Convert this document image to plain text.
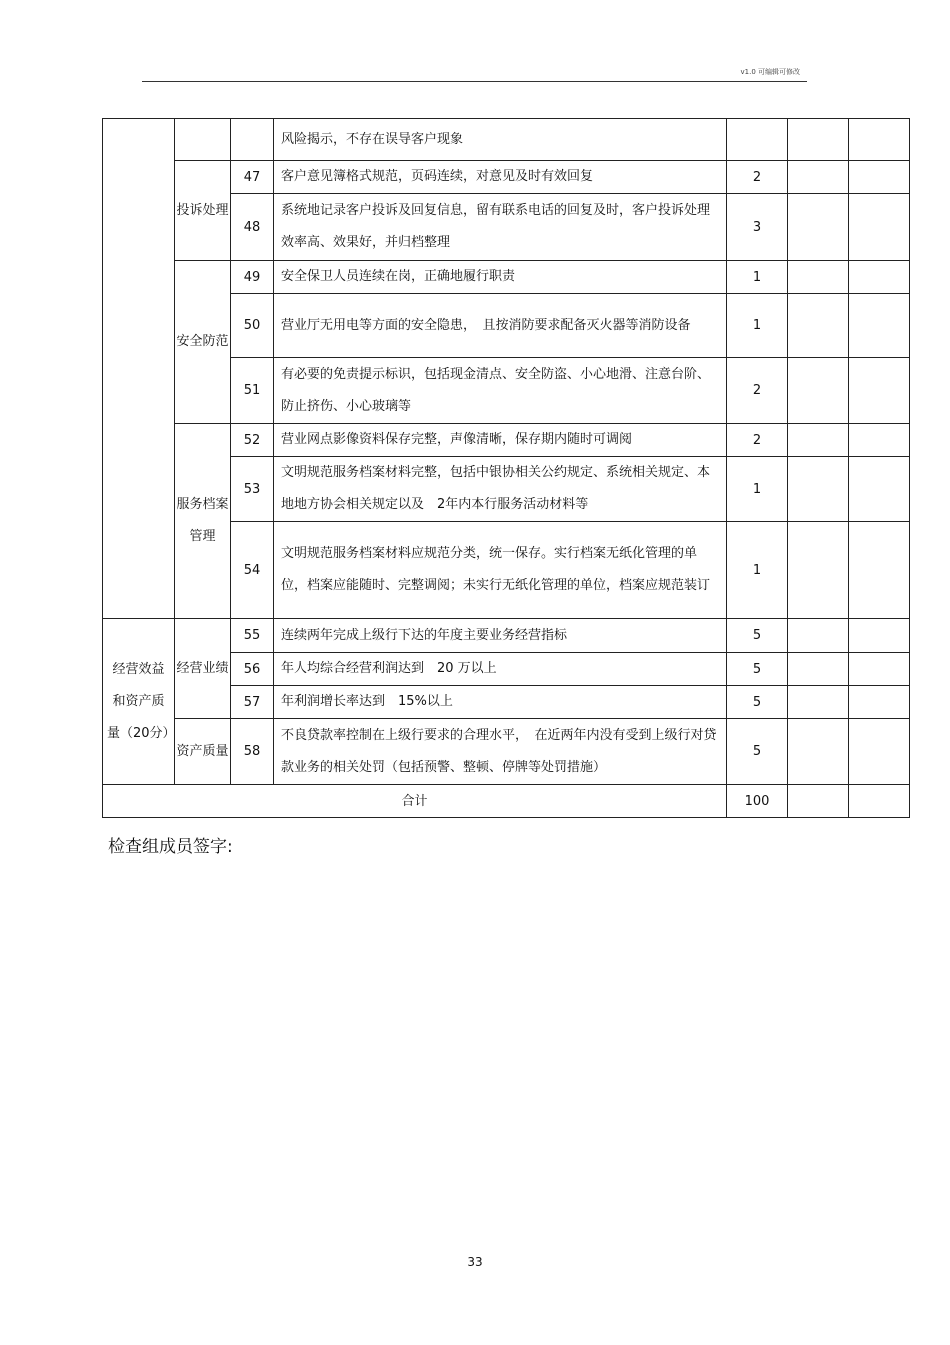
v1.0 可编辑可修改
			风险揭示，不存在误导客户现象			
	投诉处理	47	客户意见簿格式规范，页码连续，对意见及时有效回复	2		
		48	系统地记录客户投诉及回复信息，留有联系电话的回复及时，客户投诉处理效率高、效果好，并归档整理	3		
	安全防范	49	安全保卫人员连续在岗，正确地履行职责	1		
		50	营业厅无用电等方面的安全隐患，　且按消防要求配备灭火器等消防设备	1		
		51	有必要的免责提示标识，包括现金清点、安全防盗、小心地滑、注意台阶、防止挤伤、小心玻璃等	2		
	服务档案管理	52	营业网点影像资料保存完整，声像清晰，保存期内随时可调阅	2		
		53	文明规范服务档案材料完整，包括中银协相关公约规定、系统相关规定、本地地方协会相关规定以及　2年内本行服务活动材料等	1		
		54	文明规范服务档案材料应规范分类，统一保存。实行档案无纸化管理的单位，档案应能随时、完整调阅；未实行无纸化管理的单位，档案应规范装订	1		
经营效益和资产质量（20分）	经营业绩	55	连续两年完成上级行下达的年度主要业务经营指标	5		
		56	年人均综合经营利润达到　20 万以上	5		
		57	年利润增长率达到　15%以上	5		
	资产质量	58	不良贷款率控制在上级行要求的合理水平，　在近两年内没有受到上级行对贷款业务的相关处罚（包括预警、整顿、停牌等处罚措施）	5		
合计				100		
检查组成员签字:
33
